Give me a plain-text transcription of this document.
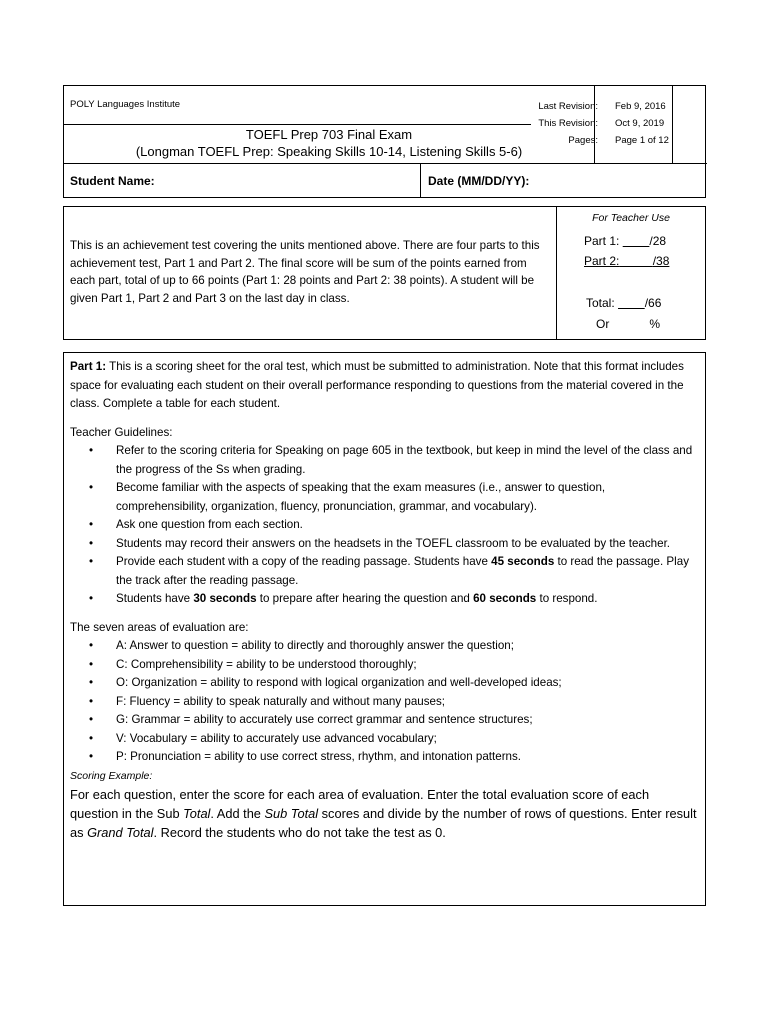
POLY Languages Institute
TOEFL Prep 703 Final Exam
(Longman TOEFL Prep: Speaking Skills 10-14, Listening Skills 5-6)
Last Revision: Feb 9, 2016
This Revision: Oct 9, 2019
Pages: Page 1 of 12
Student Name:	Date (MM/DD/YY):
This is an achievement test covering the units mentioned above. There are four parts to this achievement test, Part 1 and Part 2. The final score will be sum of the points earned from each part, total of up to 66 points (Part 1: 28 points and Part 2: 38 points). A student will be given Part 1, Part 2 and Part 3 on the last day in class.
For Teacher Use
Part 1:	/28
Part 2:	/38
Total:	/66
Or	%

Part 1: This is a scoring sheet for the oral test, which must be submitted to administration. Note that this format includes space for evaluating each student on their overall performance responding to questions from the material covered in the class. Complete a table for each student.

Teacher Guidelines:

• Refer to the scoring criteria for Speaking on page 605 in the textbook, but keep in mind the level of the class and the progress of the Ss when grading.
• Become familiar with the aspects of speaking that the exam measures (i.e., answer to question, comprehensibility, organization, fluency, pronunciation, grammar, and vocabulary).
• Ask one question from each section.
• Students may record their answers on the headsets in the TOEFL classroom to be evaluated by the teacher.
• Provide each student with a copy of the reading passage. Students have 45 seconds to read the passage. Play the track after the reading passage.
• Students have 30 seconds to prepare after hearing the question and 60 seconds to respond.

The seven areas of evaluation are:

• A: Answer to question = ability to directly and thoroughly answer the question;
• C: Comprehensibility = ability to be understood thoroughly;
• O: Organization = ability to respond with logical organization and well-developed ideas;
• F: Fluency = ability to speak naturally and without many pauses;
• G: Grammar = ability to accurately use correct grammar and sentence structures;
• V: Vocabulary = ability to accurately use advanced vocabulary;
• P: Pronunciation = ability to use correct stress, rhythm, and intonation patterns.

Scoring Example:

For each question, enter the score for each area of evaluation. Enter the total evaluation score of each question in the Sub Total. Add the Sub Total scores and divide by the number of rows of questions. Enter result as Grand Total. Record the students who do not take the test as 0.
